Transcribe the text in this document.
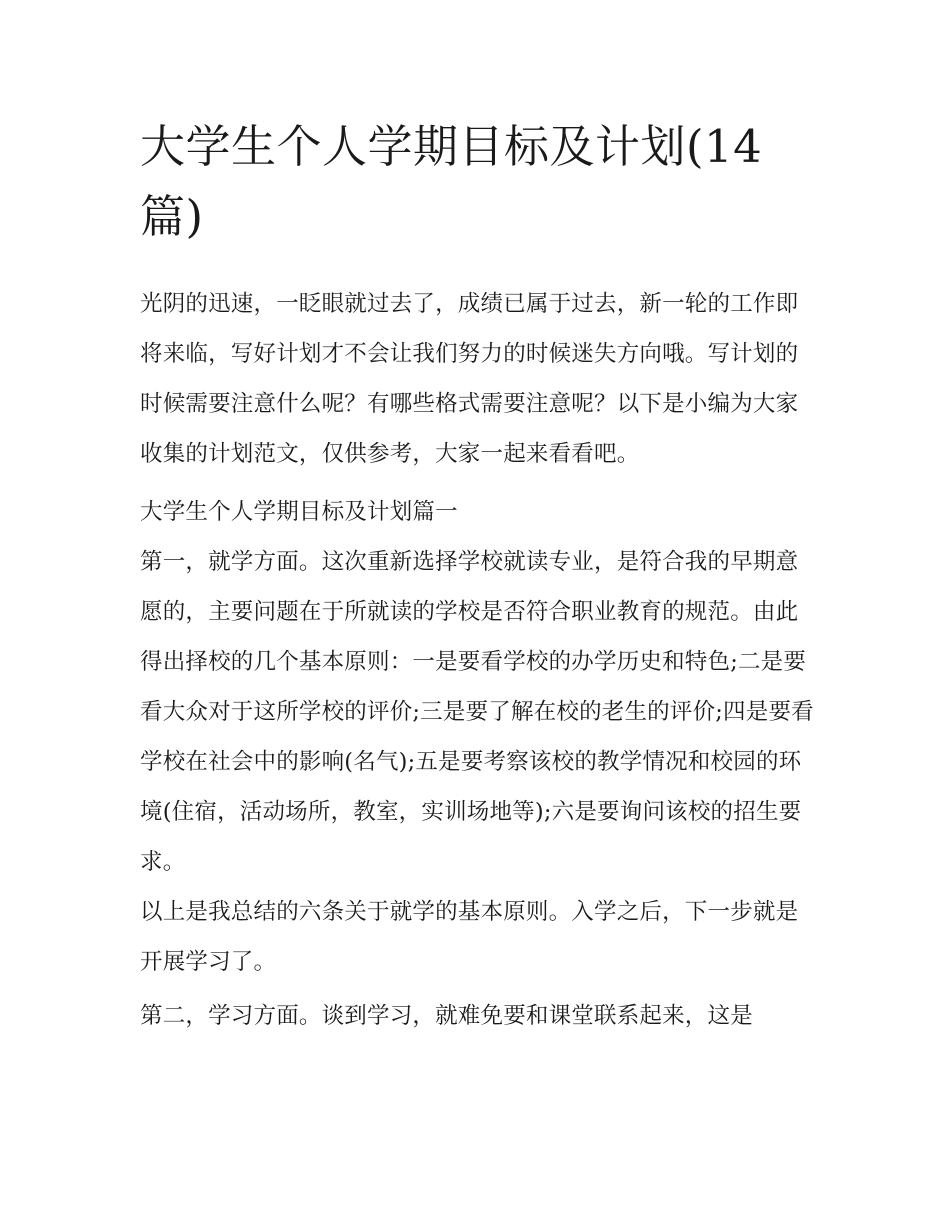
大学生个人学期目标及计划(14篇)

光阴的迅速，一眨眼就过去了，成绩已属于过去，新一轮的工作即将来临，写好计划才不会让我们努力的时候迷失方向哦。写计划的时候需要注意什么呢？有哪些格式需要注意呢？以下是小编为大家收集的计划范文，仅供参考，大家一起来看看吧。

大学生个人学期目标及计划篇一

第一，就学方面。这次重新选择学校就读专业，是符合我的早期意愿的，主要问题在于所就读的学校是否符合职业教育的规范。由此得出择校的几个基本原则：一是要看学校的办学历史和特色;二是要看大众对于这所学校的评价;三是要了解在校的老生的评价;四是要看学校在社会中的影响(名气);五是要考察该校的教学情况和校园的环境(住宿，活动场所，教室，实训场地等);六是要询问该校的招生要求。

以上是我总结的六条关于就学的基本原则。入学之后，下一步就是开展学习了。

第二，学习方面。谈到学习，就难免要和课堂联系起来，这是
